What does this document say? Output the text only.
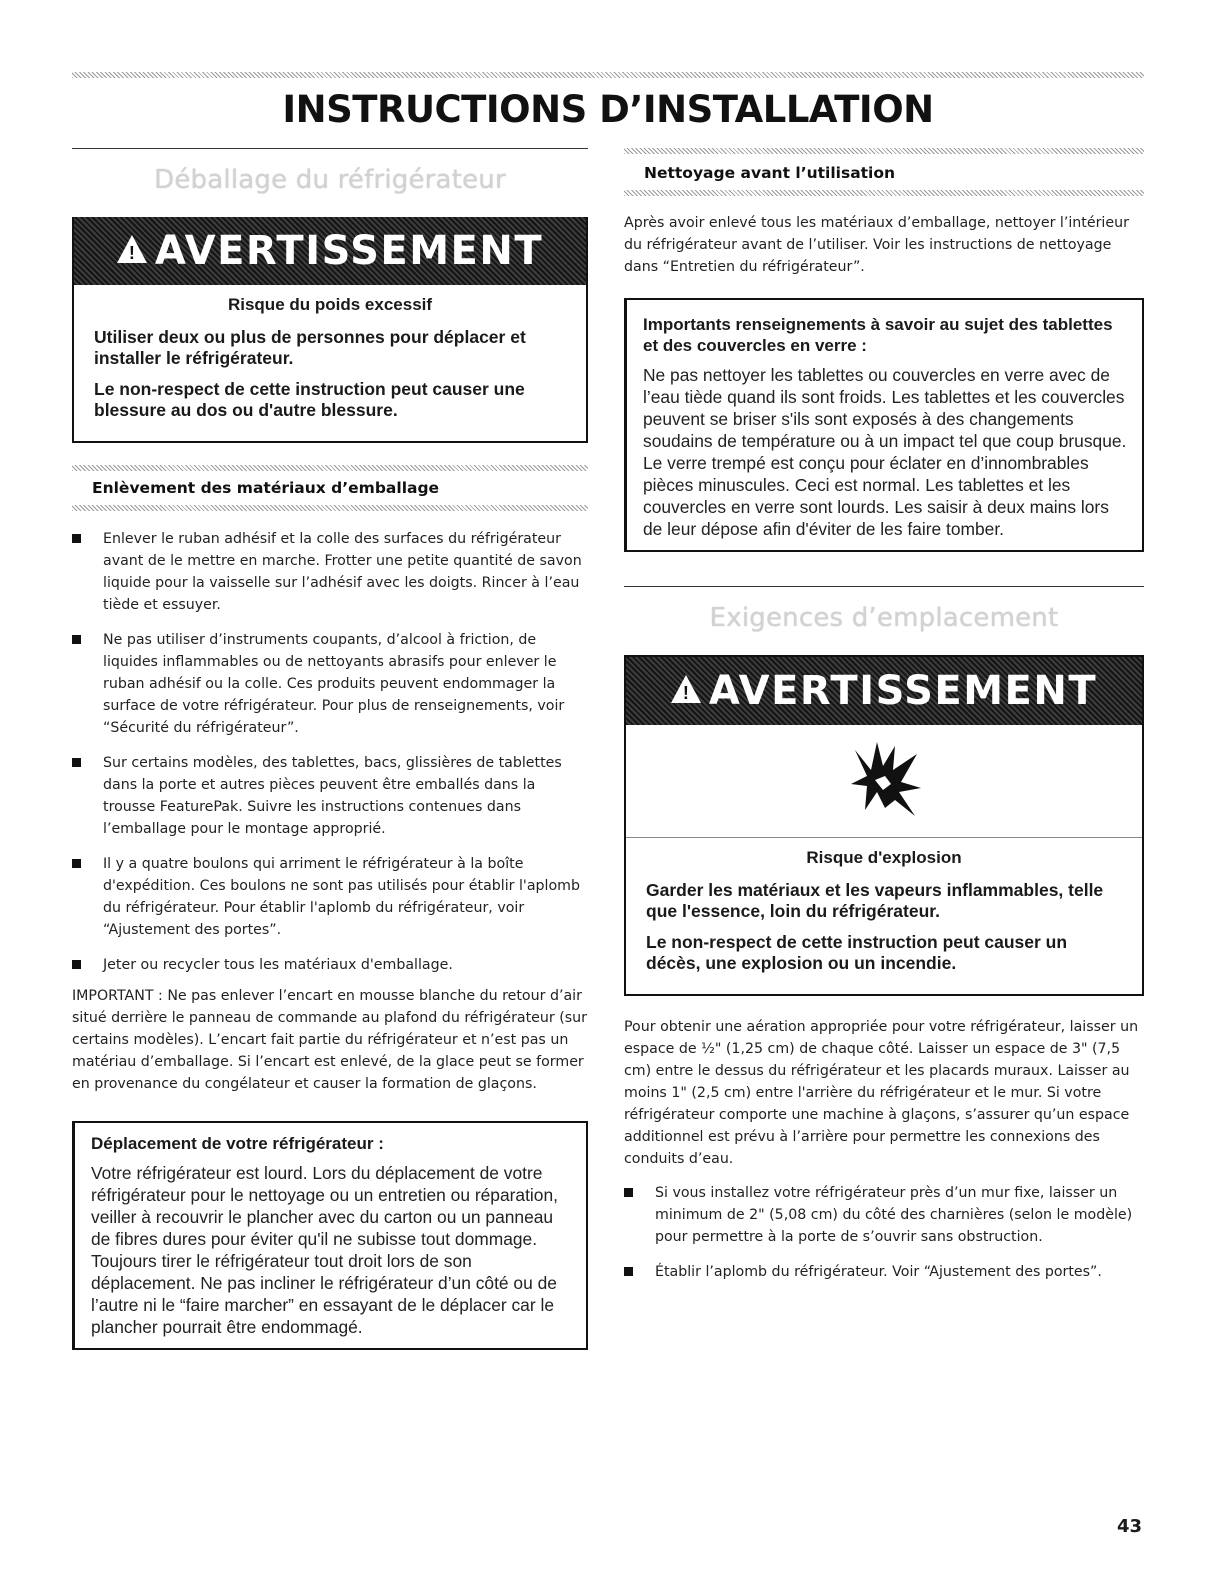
INSTRUCTIONS D’INSTALLATION
Déballage du réfrigérateur
!
AVERTISSEMENT

Risque du poids excessif

Utiliser deux ou plus de personnes pour déplacer et installer le réfrigérateur.

Le non-respect de cette instruction peut causer une blessure au dos ou d'autre blessure.

Enlèvement des matériaux d’emballage

Enlever le ruban adhésif et la colle des surfaces du réfrigérateur avant de le mettre en marche. Frotter une petite quantité de savon liquide pour la vaisselle sur l’adhésif avec les doigts. Rincer à l’eau tiède et essuyer.
Ne pas utiliser d’instruments coupants, d’alcool à friction, de liquides inflammables ou de nettoyants abrasifs pour enlever le ruban adhésif ou la colle. Ces produits peuvent endommager la surface de votre réfrigérateur. Pour plus de renseignements, voir “Sécurité du réfrigérateur”.
Sur certains modèles, des tablettes, bacs, glissières de tablettes dans la porte et autres pièces peuvent être emballés dans la trousse FeaturePak. Suivre les instructions contenues dans l’emballage pour le montage approprié.
Il y a quatre boulons qui arriment le réfrigérateur à la boîte d'expédition. Ces boulons ne sont pas utilisés pour établir l'aplomb du réfrigérateur. Pour établir l'aplomb du réfrigérateur, voir “Ajustement des portes”.
Jeter ou recycler tous les matériaux d'emballage.

IMPORTANT : Ne pas enlever l’encart en mousse blanche du retour d’air situé derrière le panneau de commande au plafond du réfrigérateur (sur certains modèles). L’encart fait partie du réfrigérateur et n’est pas un matériau d’emballage. Si l’encart est enlevé, de la glace peut se former en provenance du congélateur et causer la formation de glaçons.

Déplacement de votre réfrigérateur :

Votre réfrigérateur est lourd. Lors du déplacement de votre réfrigérateur pour le nettoyage ou un entretien ou réparation, veiller à recouvrir le plancher avec du carton ou un panneau de fibres dures pour éviter qu'il ne subisse tout dommage. Toujours tirer le réfrigérateur tout droit lors de son déplacement. Ne pas incliner le réfrigérateur d’un côté ou de l’autre ni le “faire marcher” en essayant de le déplacer car le plancher pourrait être endommagé.

Nettoyage avant l’utilisation

Après avoir enlevé tous les matériaux d’emballage, nettoyer l’intérieur du réfrigérateur avant de l’utiliser. Voir les instructions de nettoyage dans “Entretien du réfrigérateur”.

Importants renseignements à savoir au sujet des tablettes et des couvercles en verre :

Ne pas nettoyer les tablettes ou couvercles en verre avec de l’eau tiède quand ils sont froids. Les tablettes et les couvercles peuvent se briser s'ils sont exposés à des changements soudains de température ou à un impact tel que coup brusque. Le verre trempé est conçu pour éclater en d’innombrables pièces minuscules. Ceci est normal. Les tablettes et les couvercles en verre sont lourds. Les saisir à deux mains lors de leur dépose afin d'éviter de les faire tomber.

Exigences d’emplacement
!
AVERTISSEMENT

Risque d'explosion

Garder les matériaux et les vapeurs inflammables, telle que l'essence, loin du réfrigérateur.

Le non-respect de cette instruction peut causer un décès, une explosion ou un incendie.

Pour obtenir une aération appropriée pour votre réfrigérateur, laisser un espace de ½" (1,25 cm) de chaque côté. Laisser un espace de 3" (7,5 cm) entre le dessus du réfrigérateur et les placards muraux. Laisser au moins 1" (2,5 cm) entre l'arrière du réfrigérateur et le mur. Si votre réfrigérateur comporte une machine à glaçons, s’assurer qu’un espace additionnel est prévu à l’arrière pour permettre les connexions des conduits d’eau.

Si vous installez votre réfrigérateur près d’un mur fixe, laisser un minimum de 2" (5,08 cm) du côté des charnières (selon le modèle) pour permettre à la porte de s’ouvrir sans obstruction.
Établir l’aplomb du réfrigérateur. Voir “Ajustement des portes”.
43
